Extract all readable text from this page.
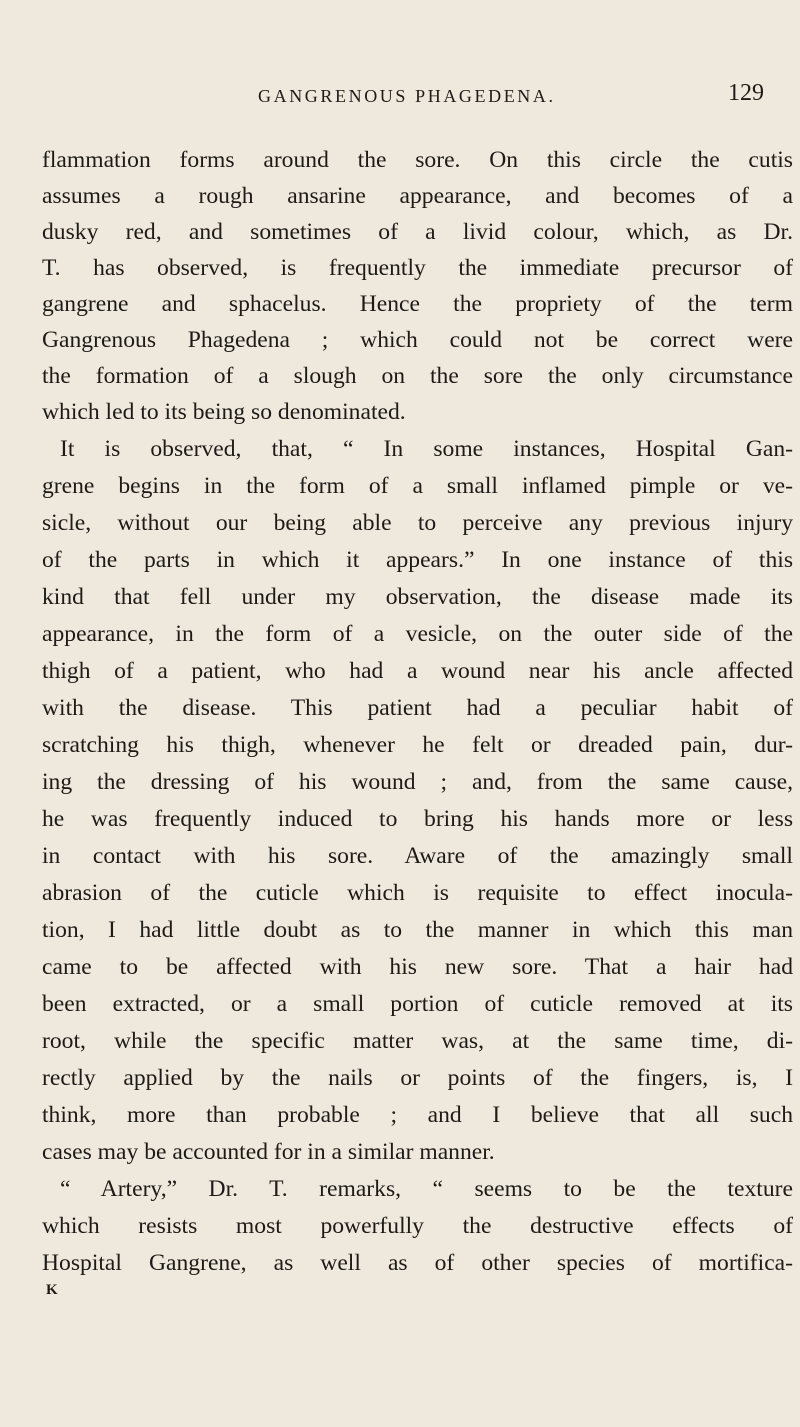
GANGRENOUS PHAGEDENA.	129
flammation forms around the sore. On this circle the cutis
assumes a rough ansarine appearance, and becomes of a
dusky red, and sometimes of a livid colour, which, as Dr.
T. has observed, is frequently the immediate precursor of
gangrene and sphacelus. Hence the propriety of the term
Gangrenous Phagedena ; which could not be correct were
the formation of a slough on the sore the only circumstance
which led to its being so denominated.
It is observed, that, “ In some instances, Hospital Gan-
grene begins in the form of a small inflamed pimple or ve-
sicle, without our being able to perceive any previous injury
of the parts in which it appears.” In one instance of this
kind that fell under my observation, the disease made its
appearance, in the form of a vesicle, on the outer side of the
thigh of a patient, who had a wound near his ancle affected
with the disease. This patient had a peculiar habit of
scratching his thigh, whenever he felt or dreaded pain, dur-
ing the dressing of his wound ; and, from the same cause,
he was frequently induced to bring his hands more or less
in contact with his sore. Aware of the amazingly small
abrasion of the cuticle which is requisite to effect inocula-
tion, I had little doubt as to the manner in which this man
came to be affected with his new sore. That a hair had
been extracted, or a small portion of cuticle removed at its
root, while the specific matter was, at the same time, di-
rectly applied by the nails or points of the fingers, is, I
think, more than probable ; and I believe that all such
cases may be accounted for in a similar manner.
“ Artery,” Dr. T. remarks, “ seems to be the texture
which resists most powerfully the destructive effects of
Hospital Gangrene, as well as of other species of mortifica-
K
